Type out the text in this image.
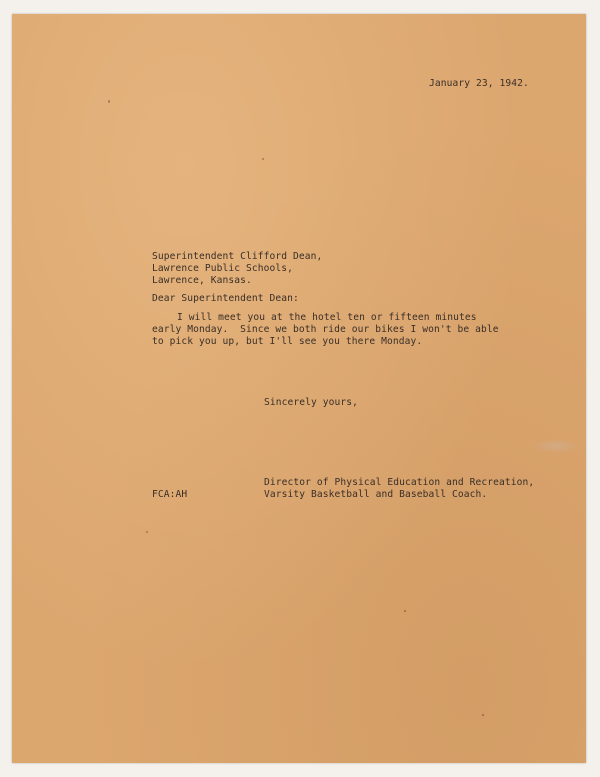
January 23, 1942.
Superintendent Clifford Dean,
Lawrence Public Schools,
Lawrence, Kansas.
Dear Superintendent Dean:
I will meet you at the hotel ten or fifteen minutes
early Monday.  Since we both ride our bikes I won't be able
to pick you up, but I'll see you there Monday.
Sincerely yours,
Director of Physical Education and Recreation,
Varsity Basketball and Baseball Coach.
FCA:AH
